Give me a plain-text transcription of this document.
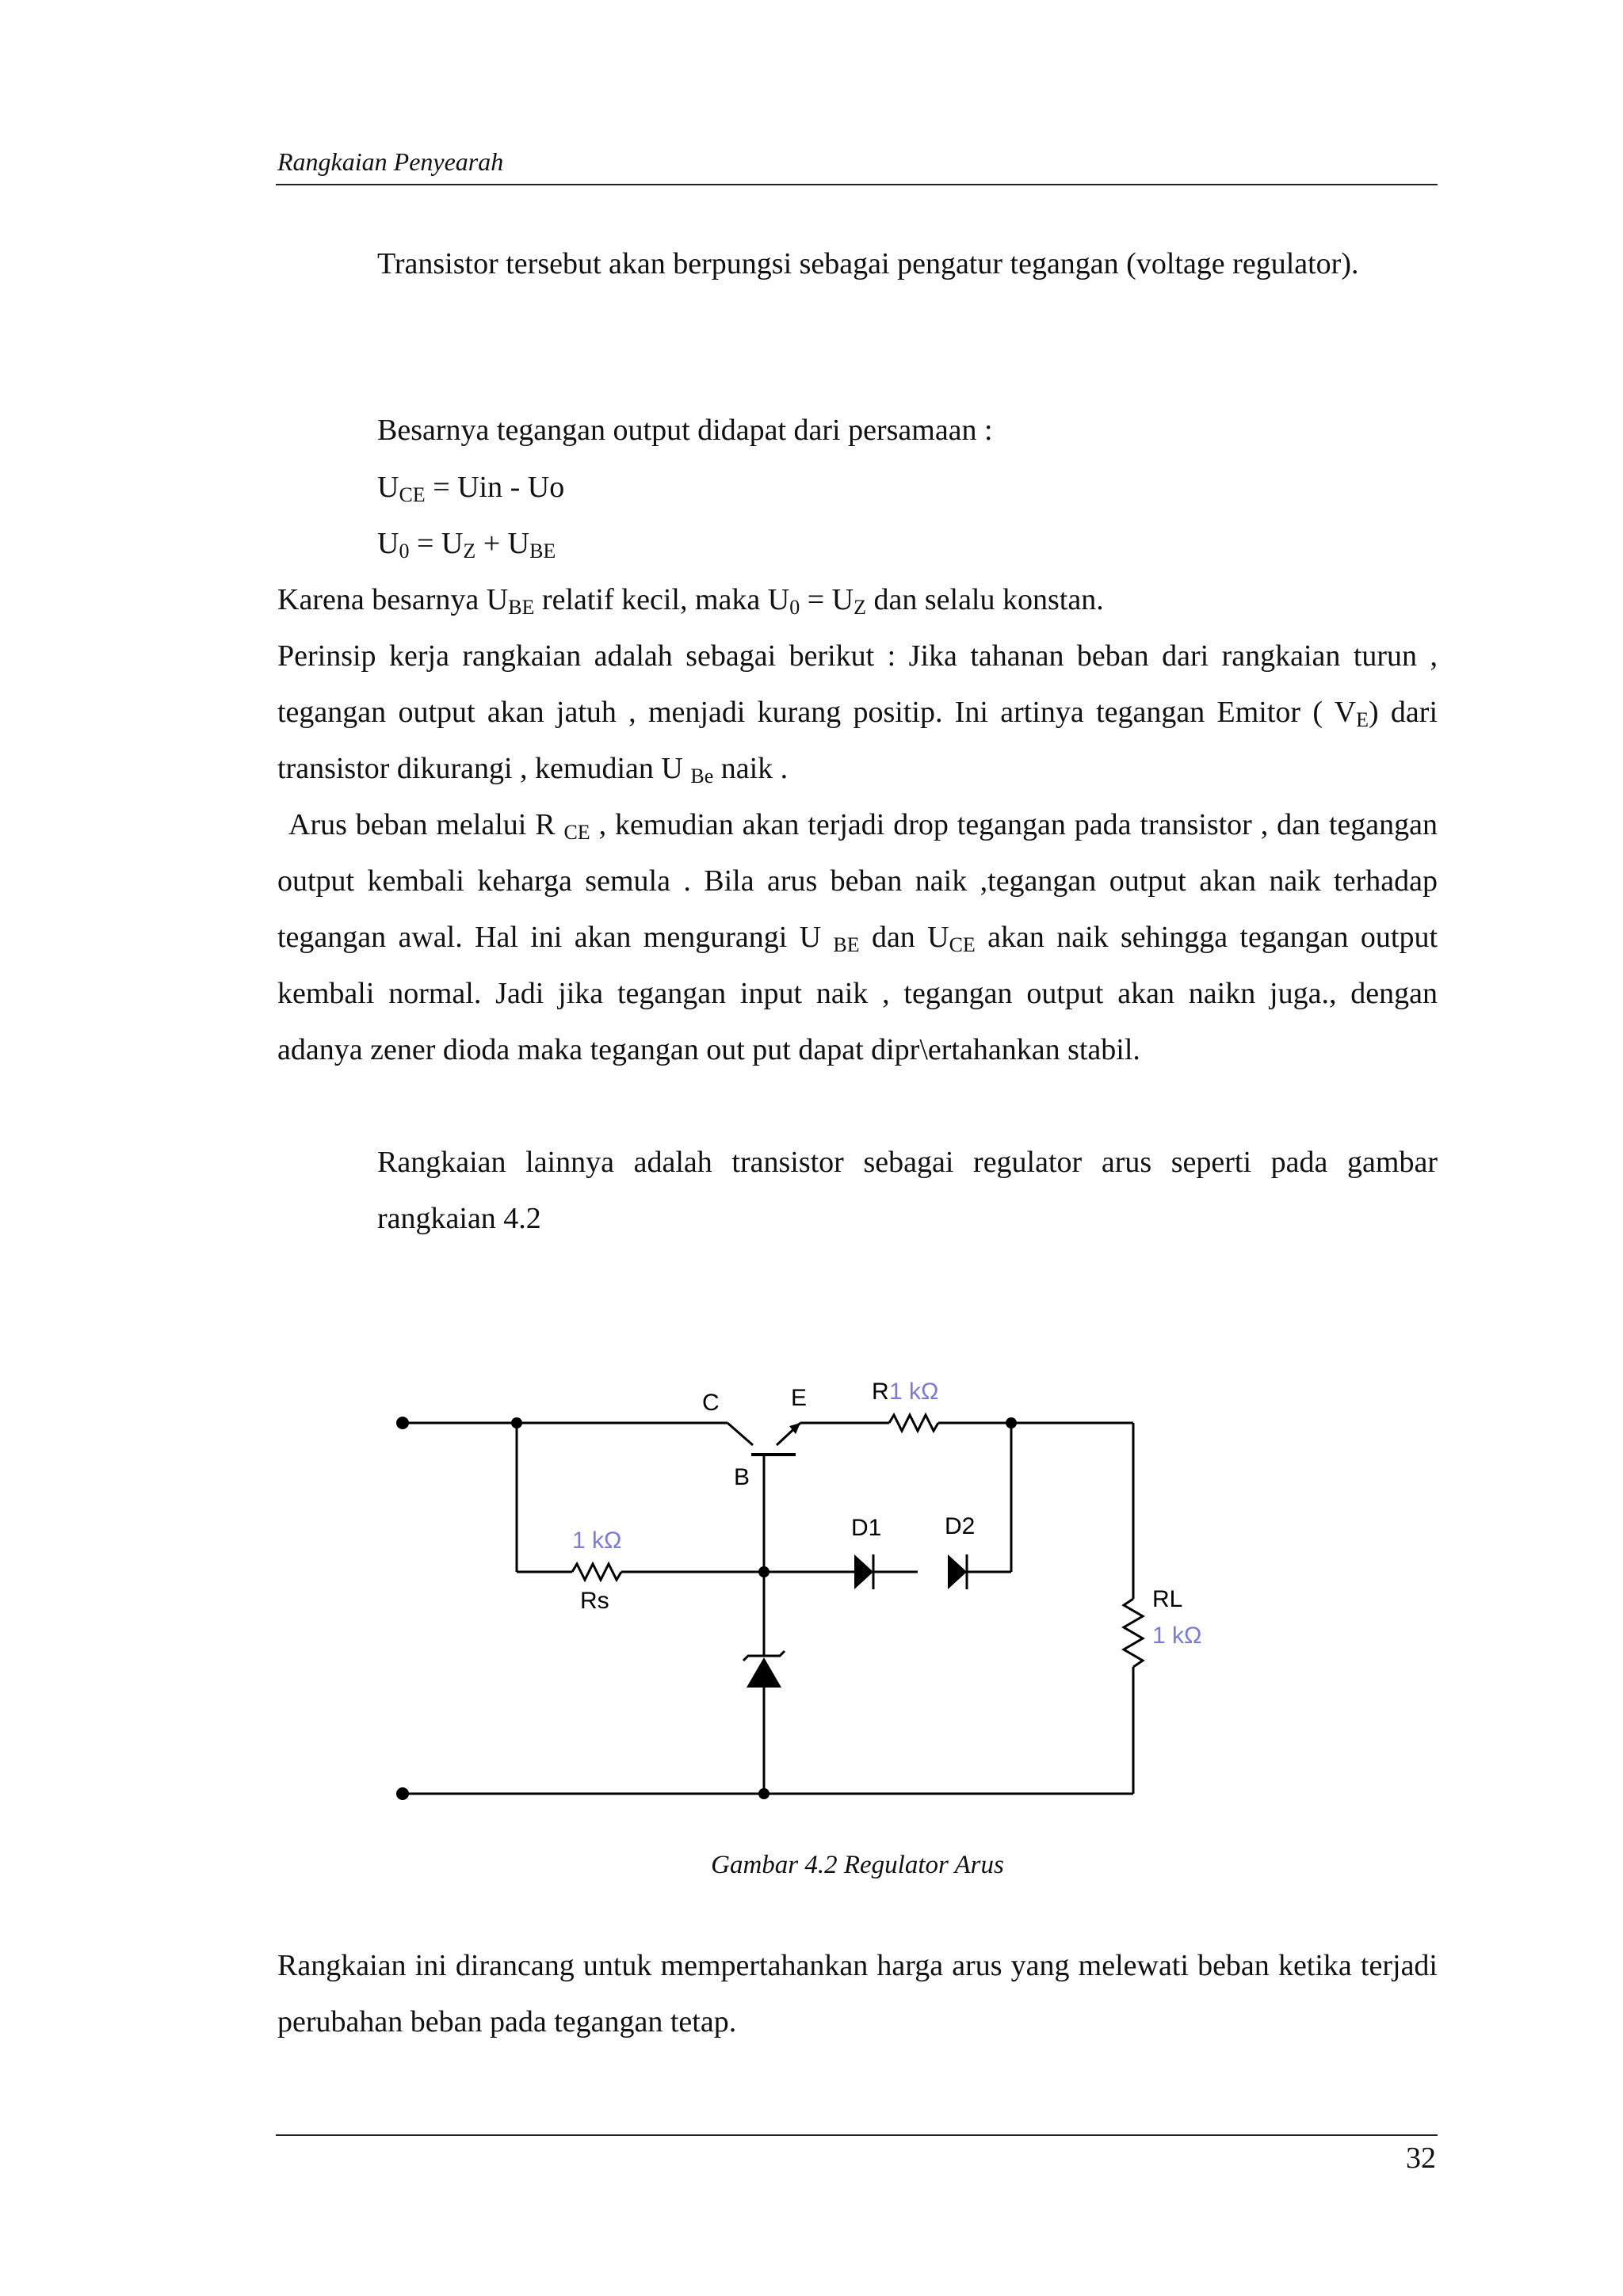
Rangkaian Penyearah

Transistor tersebut akan berpungsi sebagai pengatur tegangan (voltage regulator).

Besarnya tegangan output didapat dari persamaan :

$U_{CE}$ = Uin - Uo

$U_0 = U_Z + U_{BE}$

Karena besarnya $U_{BE}$ relatif kecil, maka $U_0 = U_Z$ dan selalu konstan.

Perinsip kerja rangkaian adalah sebagai berikut : Jika tahanan beban dari rangkaian turun , tegangan output akan jatuh , menjadi kurang positip. Ini artinya tegangan Emitor ( $V_E$) dari transistor dikurangi , kemudian U $_{Be}$ naik .

Arus beban melalui R $_{CE}$ , kemudian akan terjadi drop tegangan pada transistor , dan tegangan output kembali keharga semula . Bila arus beban naik ,tegangan output akan naik terhadap tegangan awal. Hal ini akan mengurangi U $_{BE}$ dan $U_{CE}$ akan naik sehingga tegangan output kembali normal. Jadi jika tegangan input naik , tegangan output akan naikn juga., dengan adanya zener dioda maka tegangan out put dapat dipr\ertahankan stabil.

Rangkaian lainnya adalah transistor sebagai regulator arus seperti pada gambar rangkaian 4.2

C	E
B
R 1 kΩ
1 kΩ
Rs
D1	D2
RL
1 kΩ
Gambar 4.2 Regulator Arus

Rangkaian ini dirancang untuk mempertahankan harga arus yang melewati beban ketika terjadi perubahan beban pada tegangan tetap.

32
